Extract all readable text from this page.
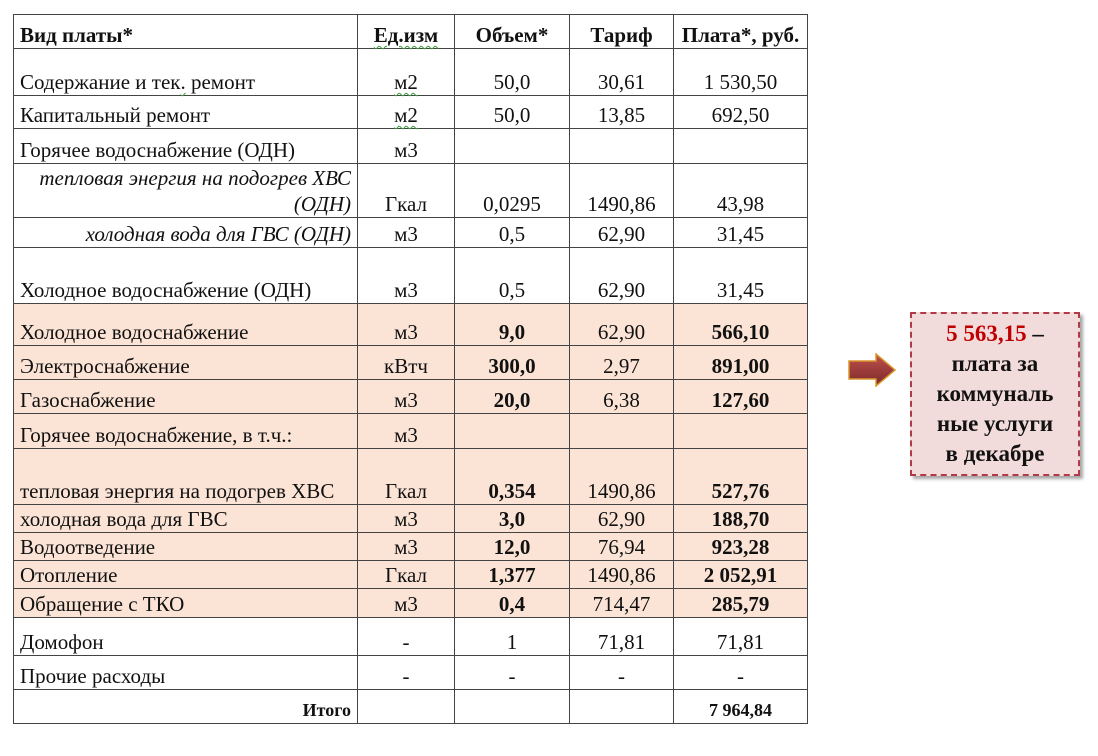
Вид платы*	Ед.изм	Объем*	Тариф	Плата*, руб.
Содержание и тек. ремонт	м2	50,0	30,61	1 530,50
Капитальный ремонт	м2	50,0	13,85	692,50
Горячее водоснабжение (ОДН)	м3			
тепловая энергия на подогрев ХВС (ОДН)	Гкал	0,0295	1490,86	43,98
холодная вода для ГВС (ОДН)	м3	0,5	62,90	31,45
Холодное водоснабжение (ОДН)	м3	0,5	62,90	31,45
Холодное водоснабжение	м3	9,0	62,90	566,10
Электроснабжение	кВтч	300,0	2,97	891,00
Газоснабжение	м3	20,0	6,38	127,60
Горячее водоснабжение, в т.ч.:	м3			
тепловая энергия на подогрев ХВС	Гкал	0,354	1490,86	527,76
холодная вода для ГВС	м3	3,0	62,90	188,70
Водоотведение	м3	12,0	76,94	923,28
Отопление	Гкал	1,377	1490,86	2 052,91
Обращение с ТКО	м3	0,4	714,47	285,79
Домофон	-	1	71,81	71,81
Прочие расходы	-	-	-	-
Итого				7 964,84
5 563,15 –
плата за
коммуналь
ные услуги
в декабре
